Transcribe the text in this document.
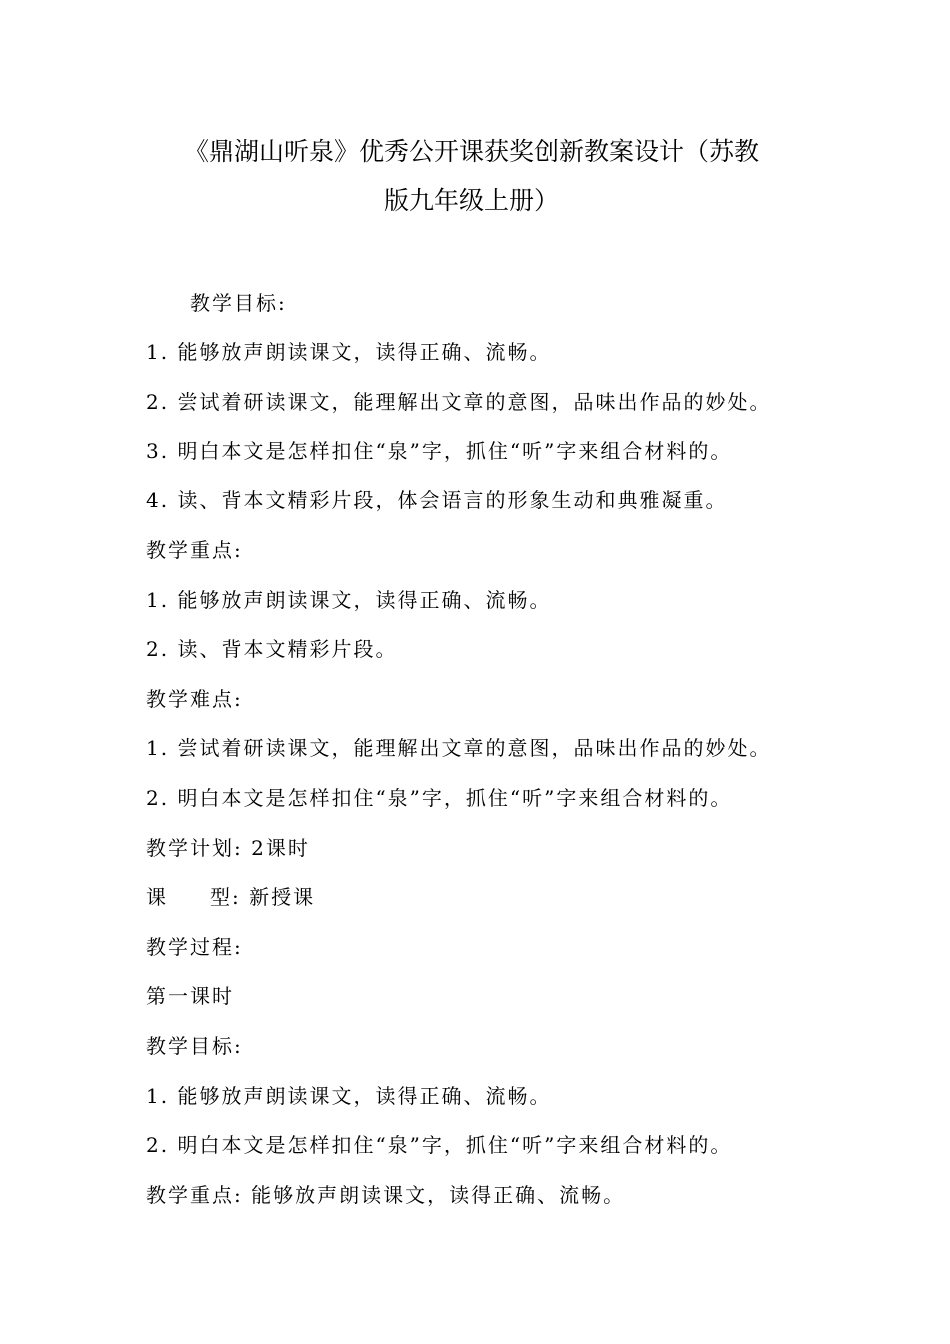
《鼎湖山听泉》优秀公开课获奖创新教案设计（苏教
版九年级上册）
教学目标:
1. 能够放声朗读课文，读得正确、流畅。
2. 尝试着研读课文，能理解出文章的意图，品味出作品的妙处。
3. 明白本文是怎样扣住“泉”字，抓住“听”字来组合材料的。
4. 读、背本文精彩片段，体会语言的形象生动和典雅凝重。
教学重点:
1. 能够放声朗读课文，读得正确、流畅。
2. 读、背本文精彩片段。
教学难点:
1. 尝试着研读课文，能理解出文章的意图，品味出作品的妙处。
2. 明白本文是怎样扣住“泉”字，抓住“听”字来组合材料的。
教学计划: 2课时
课 型: 新授课
教学过程:
第一课时
教学目标:
1. 能够放声朗读课文，读得正确、流畅。
2. 明白本文是怎样扣住“泉”字，抓住“听”字来组合材料的。
教学重点: 能够放声朗读课文，读得正确、流畅。
